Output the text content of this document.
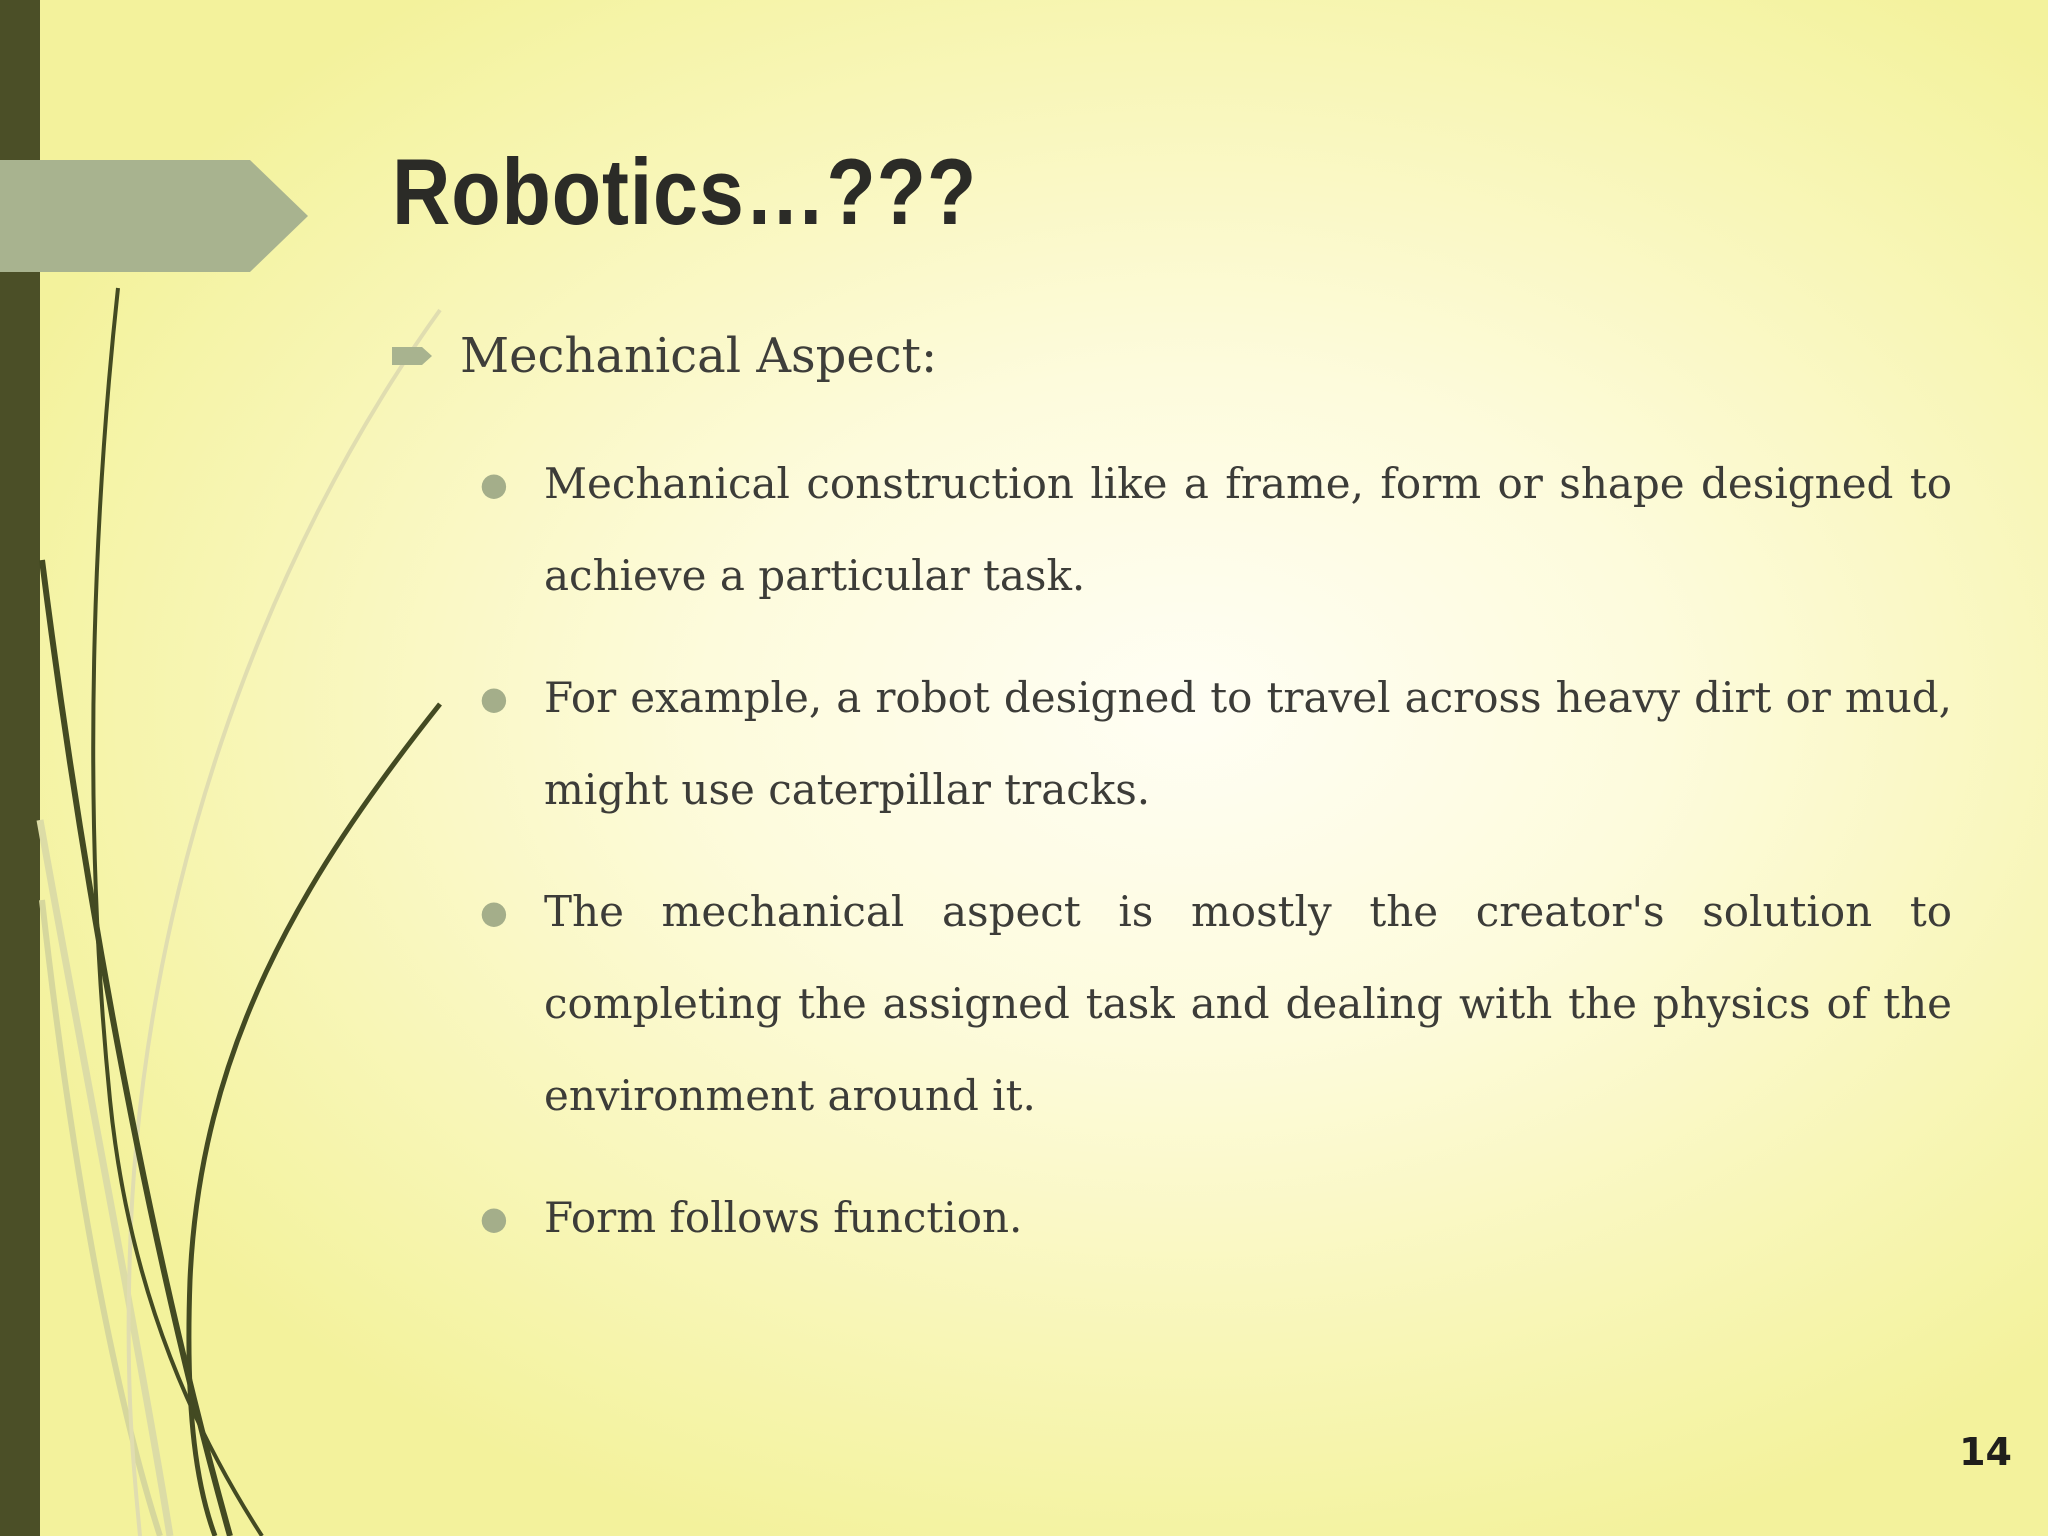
Robotics…???
Mechanical Aspect:
● Mechanical construction like a frame, form or shape designed to achieve a particular task.
● For example, a robot designed to travel across heavy dirt or mud, might use caterpillar tracks.
● The mechanical aspect is mostly the creator's solution to completing the assigned task and dealing with the physics of the environment around it.
● Form follows function.
14
